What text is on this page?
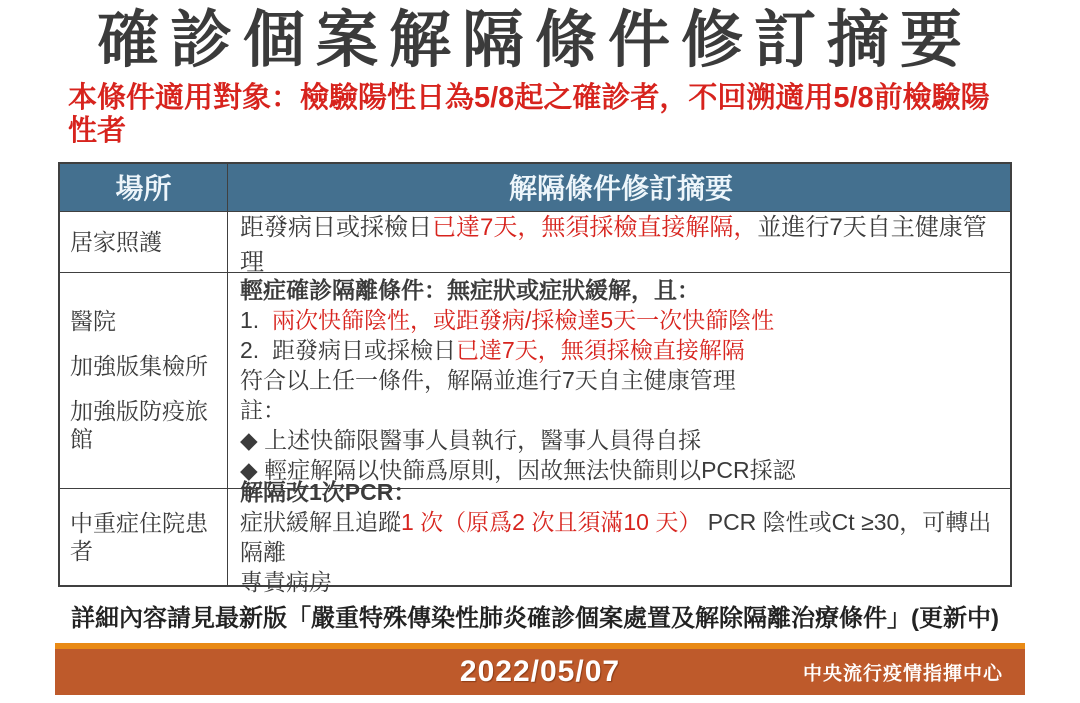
確診個案解隔條件修訂摘要
本條件適用對象：檢驗陽性日為5/8起之確診者，不回溯適用5/8前檢驗陽性者
場所	解隔條件修訂摘要
居家照護
距發病日或採檢日已達7天，無須採檢直接解隔，並進行7天自主健康管理
醫院
加強版集檢所
加強版防疫旅館
輕症確診隔離條件：無症狀或症狀緩解，且：
1.  兩次快篩陰性，或距發病/採檢達5天一次快篩陰性
2.  距發病日或採檢日已達7天，無須採檢直接解隔
符合以上任一條件，解隔並進行7天自主健康管理
註：
◆ 上述快篩限醫事人員執行，醫事人員得自採
◆ 輕症解隔以快篩爲原則，因故無法快篩則以PCR採認
中重症住院患者
解隔改1次PCR：
症狀緩解且追蹤1 次（原爲2 次且須滿10 天） PCR 陰性或Ct ≥30，可轉出隔離
專責病房
詳細內容請見最新版「嚴重特殊傳染性肺炎確診個案處置及解除隔離治療條件」(更新中)
2022/05/07	中央流行疫情指揮中心
